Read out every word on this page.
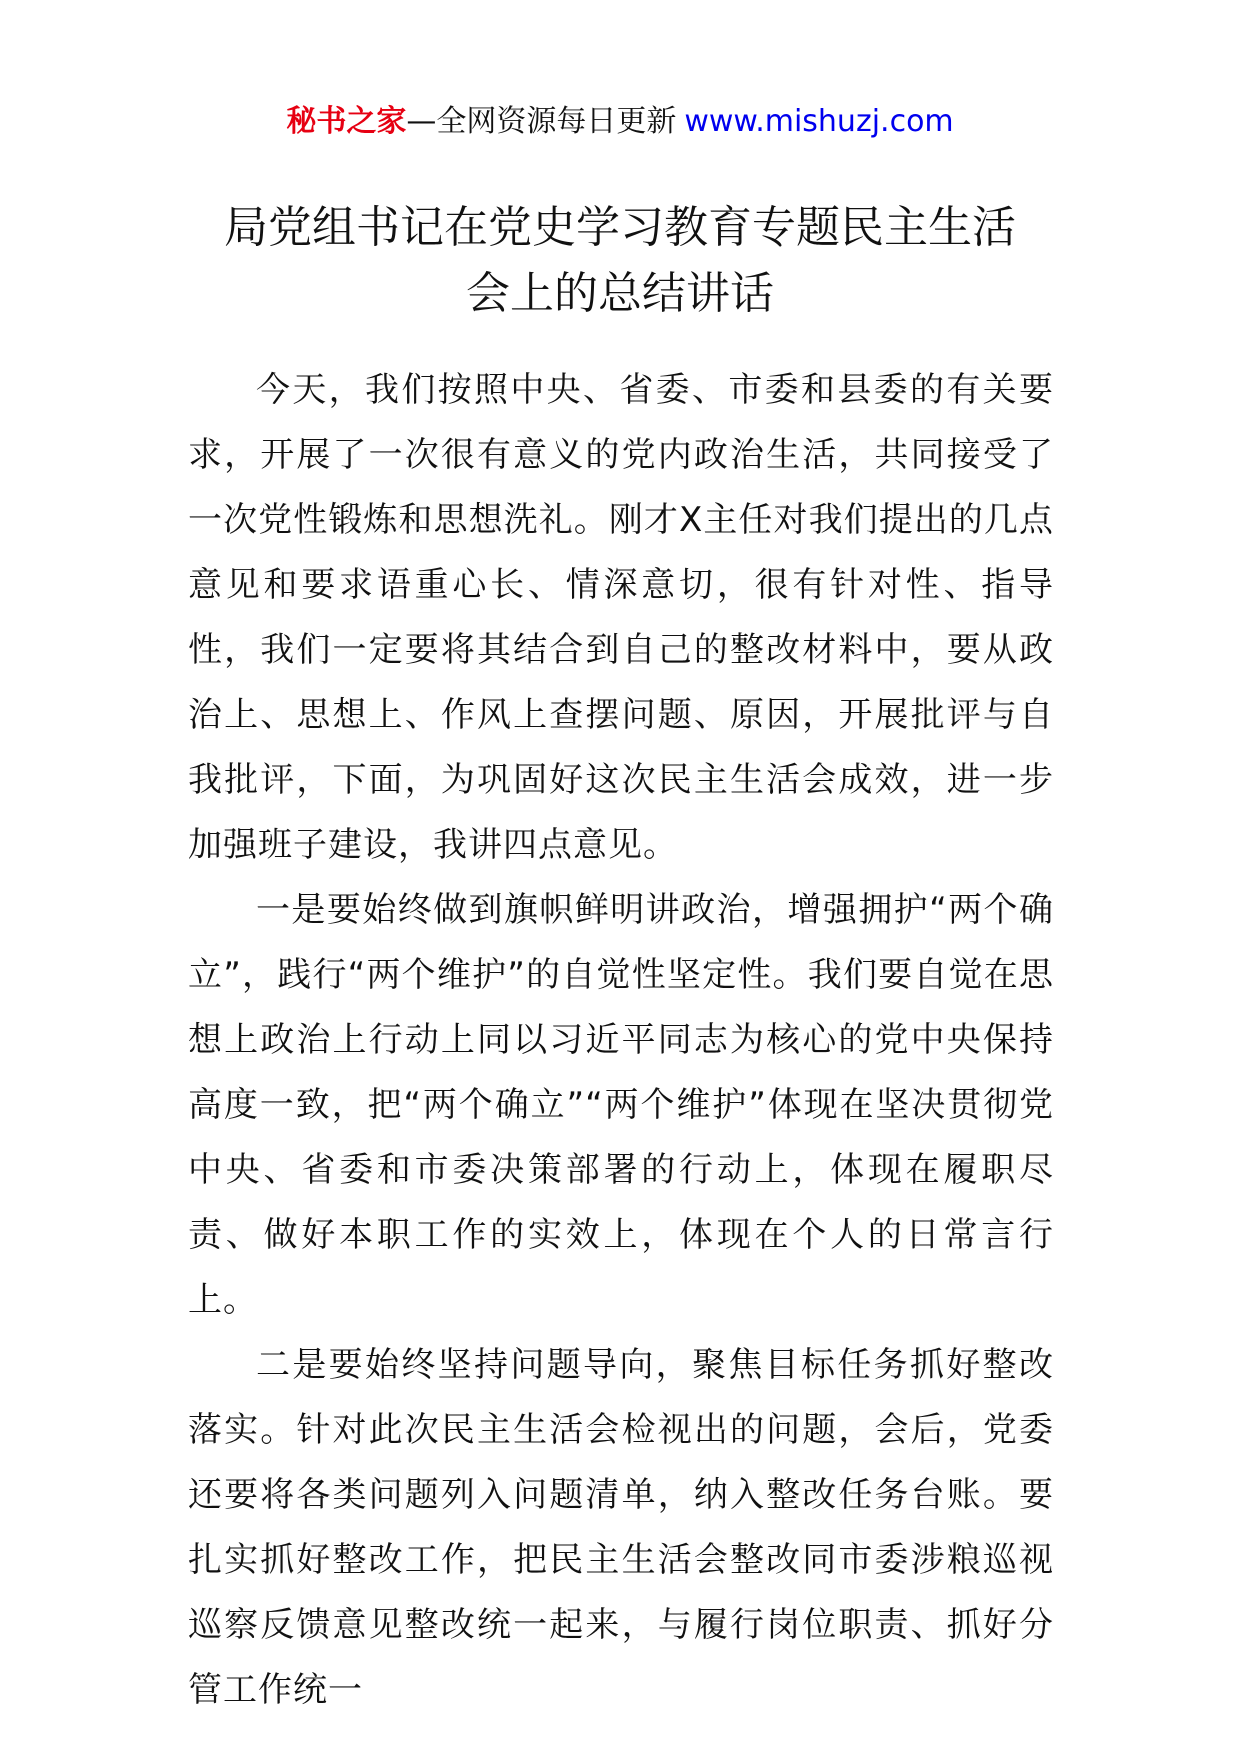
秘书之家—全网资源每日更新 www.mishuzj.com
局党组书记在党史学习教育专题民主生活
会上的总结讲话

今天，我们按照中央、省委、市委和县委的有关要求，开展了一次很有意义的党内政治生活，共同接受了一次党性锻炼和思想洗礼。刚才X主任对我们提出的几点意见和要求语重心长、情深意切，很有针对性、指导性，我们一定要将其结合到自己的整改材料中，要从政治上、思想上、作风上查摆问题、原因，开展批评与自我批评，下面，为巩固好这次民主生活会成效，进一步加强班子建设，我讲四点意见。

一是要始终做到旗帜鲜明讲政治，增强拥护“两个确立”，践行“两个维护”的自觉性坚定性。我们要自觉在思想上政治上行动上同以习近平同志为核心的党中央保持高度一致，把“两个确立”“两个维护”体现在坚决贯彻党中央、省委和市委决策部署的行动上，体现在履职尽责、做好本职工作的实效上，体现在个人的日常言行上。

二是要始终坚持问题导向，聚焦目标任务抓好整改落实。针对此次民主生活会检视出的问题，会后，党委还要将各类问题列入问题清单，纳入整改任务台账。要扎实抓好整改工作，把民主生活会整改同市委涉粮巡视巡察反馈意见整改统一起来，与履行岗位职责、抓好分管工作统一
